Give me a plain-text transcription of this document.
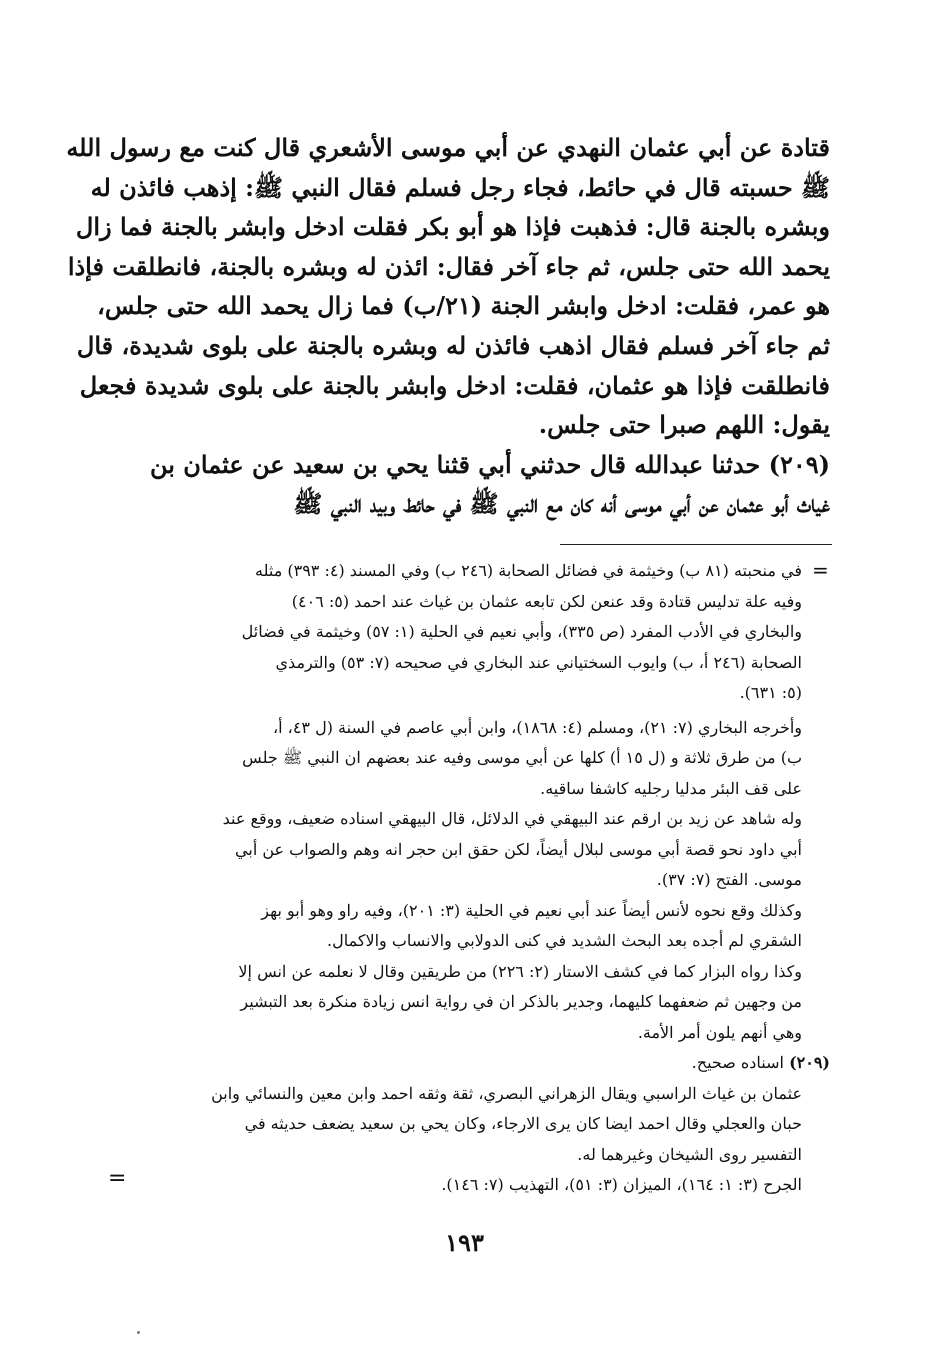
قتادة عن أبي عثمان النهدي عن أبي موسى الأشعري قال كنت مع رسول الله

ﷺ حسبته قال في حائط، فجاء رجل فسلم فقال النبي ﷺ: إذهب فائذن له

وبشره بالجنة قال: فذهبت فإذا هو أبو بكر فقلت ادخل وابشر بالجنة فما زال

يحمد الله حتى جلس، ثم جاء آخر فقال: ائذن له وبشره بالجنة، فانطلقت فإذا

هو عمر، فقلت: ادخل وابشر الجنة (٢١/ب) فما زال يحمد الله حتى جلس،

ثم جاء آخر فسلم فقال اذهب فائذن له وبشره بالجنة على بلوى شديدة، قال

فانطلقت فإذا هو عثمان، فقلت: ادخل وابشر بالجنة على بلوى شديدة فجعل

يقول: اللهم صبرا حتى جلس.

(٢٠٩) حدثنا عبدالله قال حدثني أبي قثنا يحي بن سعيد عن عثمان بن

غياث أبو عثمان عن أبي موسى أنه كان مع النبي ﷺ في حائط وبيد النبي ﷺ

=

في منحبته (٨١ ب) وخيثمة في فضائل الصحابة (٢٤٦ ب) وفي المسند (٤: ٣٩٣) مثله

وفيه علة تدليس قتادة وقد عنعن لكن تابعه عثمان بن غياث عند احمد (٥: ٤٠٦)

والبخاري في الأدب المفرد (ص ٣٣٥)، وأبي نعيم في الحلية (١: ٥٧) وخيثمة في فضائل

الصحابة (٢٤٦ أ، ب) وايوب السختياني عند البخاري في صحيحه (٧: ٥٣) والترمذي

(٥: ٦٣١).

وأخرجه البخاري (٧: ٢١)، ومسلم (٤: ١٨٦٨)، وابن أبي عاصم في السنة (ل ٤٣، أ،

ب) من طرق ثلاثة و (ل ١٥ أ) كلها عن أبي موسى وفيه عند بعضهم ان النبي ﷺ جلس

على قف البئر مدليا رجليه كاشفا ساقيه.

وله شاهد عن زيد بن ارقم عند البيهقي في الدلائل، قال البيهقي اسناده ضعيف، ووقع عند

أبي داود نحو قصة أبي موسى لبلال أيضاً، لكن حقق ابن حجر انه وهم والصواب عن أبي

موسى. الفتح (٧: ٣٧).

وكذلك وقع نحوه لأنس أيضاً عند أبي نعيم في الحلية (٣: ٢٠١)، وفيه راو وهو أبو بهز

الشقري لم أجده بعد البحث الشديد في كنى الدولابي والانساب والاكمال.

وكذا رواه البزار كما في كشف الاستار (٢: ٢٢٦) من طريقين وقال لا نعلمه عن انس إلا

من وجهين ثم ضعفهما كليهما، وجدير بالذكر ان في رواية انس زيادة منكرة بعد التبشير

وهي أنهم يلون أمر الأمة.

(٢٠٩) اسناده صحيح.

عثمان بن غياث الراسبي ويقال الزهراني البصري، ثقة وثقه احمد وابن معين والنسائي وابن

حبان والعجلي وقال احمد ايضا كان يرى الارجاء، وكان يحي بن سعيد يضعف حديثه في

التفسير روى الشيخان وغيرهما له.

الجرح (٣: ١: ١٦٤)، الميزان (٣: ٥١)، التهذيب (٧: ١٤٦).

=
١٩٣
